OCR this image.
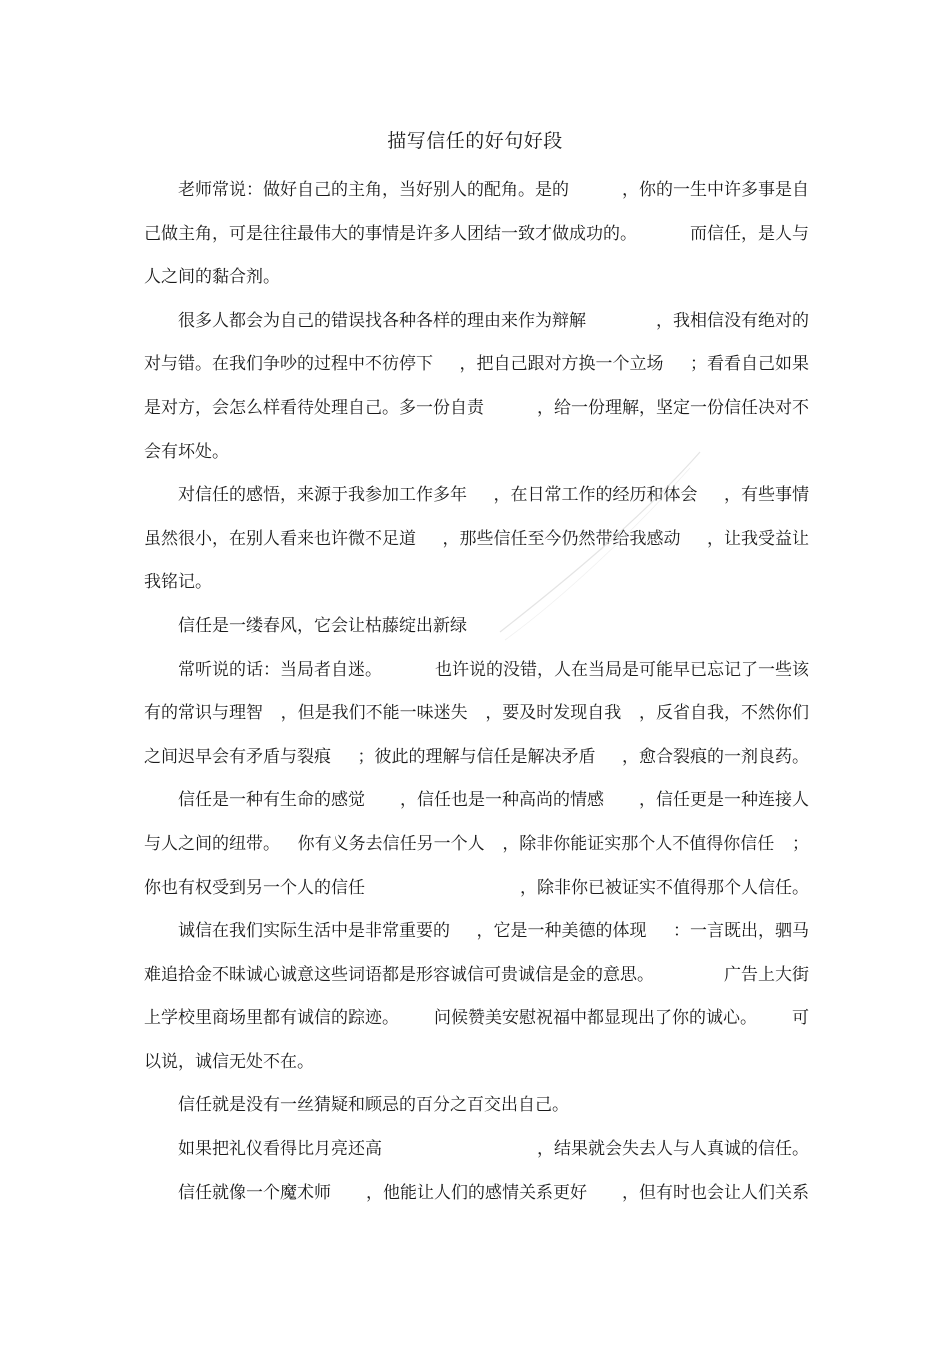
描写信任的好句好段
老师常说：做好自己的主角，当好别人的配角。是的	，你的一生中许多事是自
己做主角，可是往往最伟大的事情是许多人团结一致才做成功的。	而信任，是人与
人之间的黏合剂。
很多人都会为自己的错误找各种各样的理由来作为辩解	，我相信没有绝对的
对与错。在我们争吵的过程中不彷停下 ，把自己跟对方换一个立场 ；看看自己如果
是对方，会怎么样看待处理自己。多一份自责	，给一份理解，坚定一份信任决对不
会有坏处。
对信任的感悟，来源于我参加工作多年 ，在日常工作的经历和体会 ，有些事情
虽然很小，在别人看来也许微不足道 ，那些信任至今仍然带给我感动 ，让我受益让
我铭记。
信任是一缕春风，它会让枯藤绽出新绿
常听说的话：当局者自迷。	也许说的没错，人在当局是可能早已忘记了一些该
有的常识与理智 ，但是我们不能一味迷失 ，要及时发现自我 ，反省自我，不然你们
之间迟早会有矛盾与裂痕 ；彼此的理解与信任是解决矛盾 ，愈合裂痕的一剂良药。
信任是一种有生命的感觉 ，信任也是一种高尚的情感 ，信任更是一种连接人
与人之间的纽带。 你有义务去信任另一个人 ，除非你能证实那个人不值得你信任 ；
你也有权受到另一个人的信任	，除非你已被证实不值得那个人信任。
诚信在我们实际生活中是非常重要的 ，它是一种美德的体现 ：一言既出，驷马
难追拾金不昧诚心诚意这些词语都是形容诚信可贵诚信是金的意思。	广告上大街
上学校里商场里都有诚信的踪迹。 问候赞美安慰祝福中都显现出了你的诚心。 可
以说，诚信无处不在。
信任就是没有一丝猜疑和顾忌的百分之百交出自己。
如果把礼仪看得比月亮还高	，结果就会失去人与人真诚的信任。
信任就像一个魔术师 ，他能让人们的感情关系更好 ，但有时也会让人们关系
